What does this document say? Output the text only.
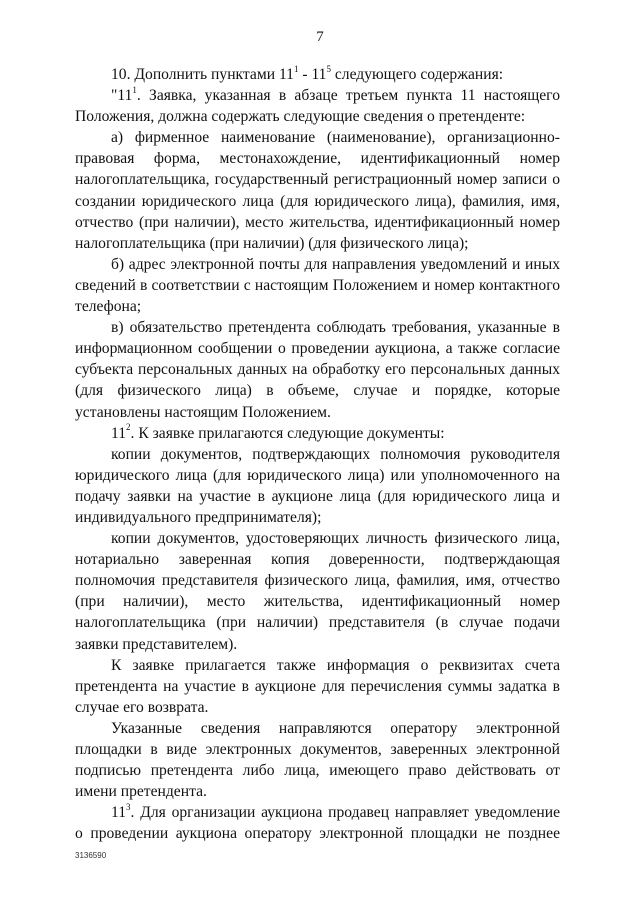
7

10. Дополнить пунктами $11^1 - 11^5$ следующего содержания:

"$11^1$. Заявка, указанная в абзаце третьем пункта 11 настоящего Положения, должна содержать следующие сведения о претенденте:

а) фирменное наименование (наименование), организационно-правовая форма, местонахождение, идентификационный номер налогоплательщика, государственный регистрационный номер записи о создании юридического лица (для юридического лица), фамилия, имя, отчество (при наличии), место жительства, идентификационный номер налогоплательщика (при наличии) (для физического лица);

б) адрес электронной почты для направления уведомлений и иных сведений в соответствии с настоящим Положением и номер контактного телефона;

в) обязательство претендента соблюдать требования, указанные в информационном сообщении о проведении аукциона, а также согласие субъекта персональных данных на обработку его персональных данных (для физического лица) в объеме, случае и порядке, которые установлены настоящим Положением.

$11^2$. К заявке прилагаются следующие документы:

копии документов, подтверждающих полномочия руководителя юридического лица (для юридического лица) или уполномоченного на подачу заявки на участие в аукционе лица (для юридического лица и индивидуального предпринимателя);

копии документов, удостоверяющих личность физического лица, нотариально заверенная копия доверенности, подтверждающая полномочия представителя физического лица, фамилия, имя, отчество (при наличии), место жительства, идентификационный номер налогоплательщика (при наличии) представителя (в случае подачи заявки представителем).

К заявке прилагается также информация о реквизитах счета претендента на участие в аукционе для перечисления суммы задатка в случае его возврата.

Указанные сведения направляются оператору электронной площадки в виде электронных документов, заверенных электронной подписью претендента либо лица, имеющего право действовать от имени претендента.

$11^3$. Для организации аукциона продавец направляет уведомление о проведении аукциона оператору электронной площадки не позднее

3136590
